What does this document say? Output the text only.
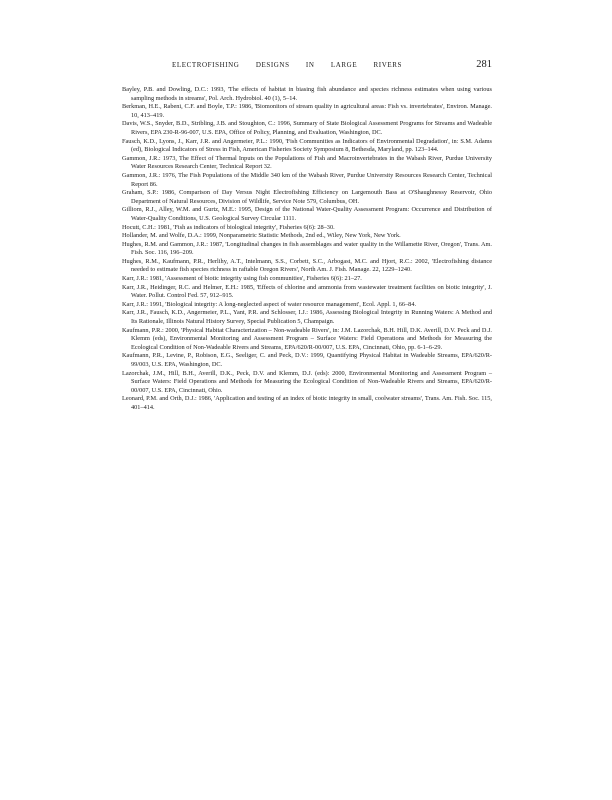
ELECTROFISHING DESIGNS IN LARGE RIVERS	281
Bayley, P.B. and Dowling, D.C.: 1993, 'The effects of habitat in biasing fish abundance and species richness estimates when using various sampling methods in streams', Pol. Arch. Hydrobiol. 40 (1), 5–14.
Berkman, H.E., Rabeni, C.F. and Boyle, T.P.: 1986, 'Biomonitors of stream quality in agricultural areas: Fish vs. invertebrates', Environ. Manage. 10, 413–419.
Davis, W.S., Snyder, B.D., Stribling, J.B. and Stoughton, C.: 1996, Summary of State Biological Assessment Programs for Streams and Wadeable Rivers, EPA 230-R-96-007, U.S. EPA, Office of Policy, Planning, and Evaluation, Washington, DC.
Fausch, K.D., Lyons, J., Karr, J.R. and Angermeier, P.L.: 1990, 'Fish Communities as Indicators of Environmental Degradation', in: S.M. Adams (ed), Biological Indicators of Stress in Fish, American Fisheries Society Symposium 8, Bethesda, Maryland, pp. 123–144.
Gammon, J.R.: 1973, The Effect of Thermal Inputs on the Populations of Fish and Macroinvertebrates in the Wabash River, Purdue University Water Resources Research Center, Technical Report 32.
Gammon, J.R.: 1976, The Fish Populations of the Middle 340 km of the Wabash River, Purdue University Resources Research Center, Technical Report 86.
Graham, S.P.: 1986, Comparison of Day Versus Night Electrofishing Efficiency on Largemouth Bass at O'Shaughnessy Reservoir, Ohio Department of Natural Resources, Division of Wildlife, Service Note 579, Columbus, OH.
Gilliom, R.J., Alley, W.M. and Gurtz, M.E.: 1995, Design of the National Water-Quality Assessment Program: Occurrence and Distribution of Water-Quality Conditions, U.S. Geological Survey Circular 1111.
Hocutt, C.H.: 1981, 'Fish as indicators of biological integrity', Fisheries 6(6): 28–30.
Hollander, M. and Wolfe, D.A.: 1999, Nonparametric Statistic Methods, 2nd ed., Wiley, New York, New York.
Hughes, R.M. and Gammon, J.R.: 1987, 'Longitudinal changes in fish assemblages and water quality in the Willamette River, Oregon', Trans. Am. Fish. Soc. 116, 196–209.
Hughes, R.M., Kaufmann, P.R., Herlihy, A.T., Intelmann, S.S., Corbett, S.C., Arbogast, M.C. and Hjort, R.C.: 2002, 'Electrofishing distance needed to estimate fish species richness in raftable Oregon Rivers', North Am. J. Fish. Manage. 22, 1229–1240.
Karr, J.R.: 1981, 'Assessment of biotic integrity using fish communities', Fisheries 6(6): 21–27.
Karr, J.R., Heidinger, R.C. and Helmer, E.H.: 1985, 'Effects of chlorine and ammonia from wastewater treatment facilities on biotic integrity', J. Water. Pollut. Control Fed. 57, 912–915.
Karr, J.R.: 1991, 'Biological integrity: A long-neglected aspect of water resource management', Ecol. Appl. 1, 66–84.
Karr, J.R., Fausch, K.D., Angermeier, P.L., Yant, P.R. and Schlosser, I.J.: 1986, Assessing Biological Integrity in Running Waters: A Method and Its Rationale, Illinois Natural History Survey, Special Publication 5, Champaign.
Kaufmann, P.R.: 2000, 'Physical Habitat Characterization – Non-wadeable Rivers', in: J.M. Lazorchak, B.H. Hill, D.K. Averill, D.V. Peck and D.J. Klemm (eds), Environmental Monitoring and Assessment Program – Surface Waters: Field Operations and Methods for Measuring the Ecological Condition of Non-Wadeable Rivers and Streams, EPA/620/R-00/007, U.S. EPA, Cincinnati, Ohio, pp. 6-1–6-29.
Kaufmann, P.R., Levine, P., Robison, E.G., Seeliger, C. and Peck, D.V.: 1999, Quantifying Physical Habitat in Wadeable Streams, EPA/620/R-99/003, U.S. EPA, Washington, DC.
Lazorchak, J.M., Hill, B.H., Averill, D.K., Peck, D.V. and Klemm, D.J. (eds): 2000, Environmental Monitoring and Assessment Program – Surface Waters: Field Operations and Methods for Measuring the Ecological Condition of Non-Wadeable Rivers and Streams, EPA/620/R-00/007, U.S. EPA, Cincinnati, Ohio.
Leonard, P.M. and Orth, D.J.: 1986, 'Application and testing of an index of biotic integrity in small, coolwater streams', Trans. Am. Fish. Soc. 115, 401–414.
